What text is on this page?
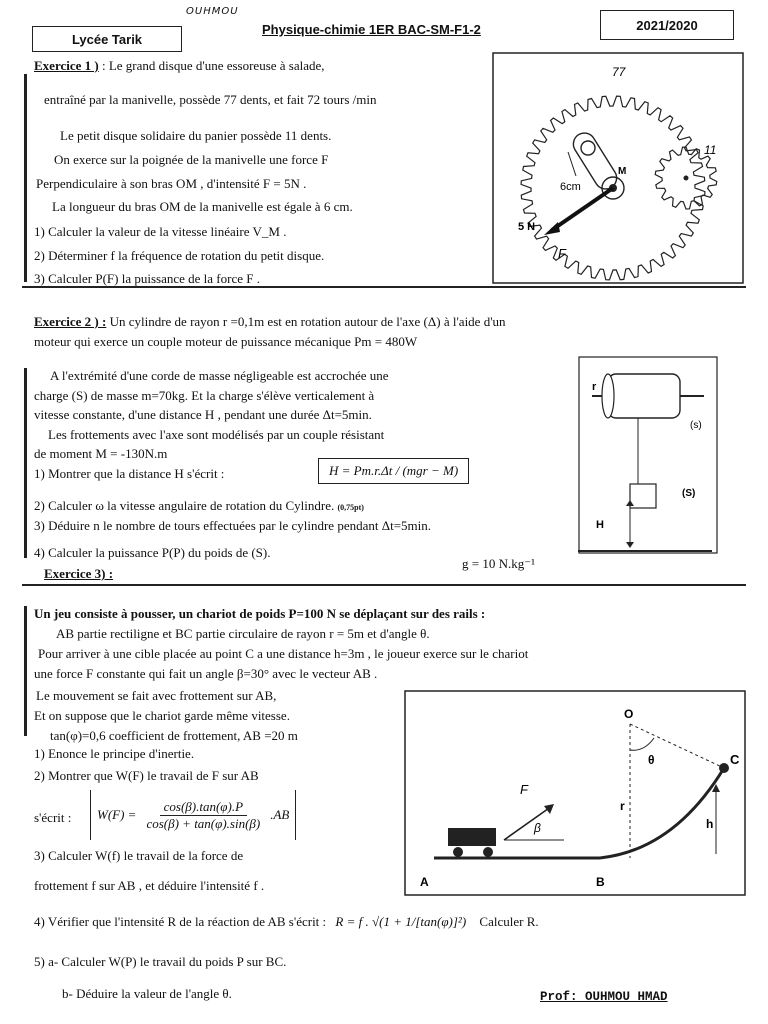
Lycée Tarik
OUHMOU
Physique-chimie 1ER BAC-SM-F1-2	2021/2020
Exercice 1 ) : Le grand disque d'une essoreuse à salade,
entraîné par la manivelle, possède 77 dents, et fait 72 tours /min
Le petit disque solidaire du panier possède 11 dents.
On exerce sur la poignée de la manivelle une force F
Perpendiculaire à son bras OM , d'intensité F = 5N .
La longueur du bras OM de la manivelle est égale à 6 cm.
1) Calculer la valeur de la vitesse linéaire V_M .
2) Déterminer f la fréquence de rotation du petit disque.
3) Calculer P(F) la puissance de la force F .
77
11
6cm
M
5 N
F
Exercice 2 ) : Un cylindre de rayon r =0,1m est en rotation autour de l'axe (Δ) à l'aide d'un
moteur qui exerce un couple moteur de puissance mécanique Pm = 480W
A l'extrémité d'une corde de masse négligeable est accrochée une
charge (S) de masse m=70kg. Et la charge s'élève verticalement à
vitesse constante, d'une distance H , pendant une durée Δt=5min.
Les frottements avec l'axe sont modélisés par un couple résistant
de moment M = -130N.m
1) Montrer que la distance H s'écrit :	H = Pm.r.Δt / (mgr − M)
2) Calculer ω la vitesse angulaire de rotation du Cylindre. (0,75pt)
3) Déduire n le nombre de tours effectuées par le cylindre pendant Δt=5min.
4) Calculer la puissance P(P) du poids de (S).
g = 10 N.kg⁻¹
r
(s)
(S)
H
Exercice 3) :
Un jeu consiste à pousser, un chariot de poids P=100 N se déplaçant sur des rails :
AB partie rectiligne et BC partie circulaire de rayon r = 5m et d'angle θ.
Pour arriver à une cible placée au point C a une distance h=3m , le joueur exerce sur le chariot
une force F constante qui fait un angle β=30° avec le vecteur AB .
Le mouvement se fait avec frottement sur AB,
Et on suppose que le chariot garde même vitesse.
tan(φ)=0,6 coefficient de frottement, AB =20 m
1) Enonce le principe d'inertie.
2) Montrer que W(F) le travail de F sur AB
s'écrit : $W(F) = \frac{\cos(\beta).\tan(\varphi).P}{\cos(\beta) + \tan(\varphi).\sin(\beta)} .AB$
3) Calculer W(f) le travail de la force de
frottement f sur AB , et déduire l'intensité f .
4) Vérifier que l'intensité R de la réaction de AB s'écrit : R = f . √(1 + 1/[tan(φ)]²) Calculer R.
5) a- Calculer W(P) le travail du poids P sur BC.
b- Déduire la valeur de l'angle θ.	Prof: OUHMOU HMAD
O
θ	C
r
h
A	B
F
β
